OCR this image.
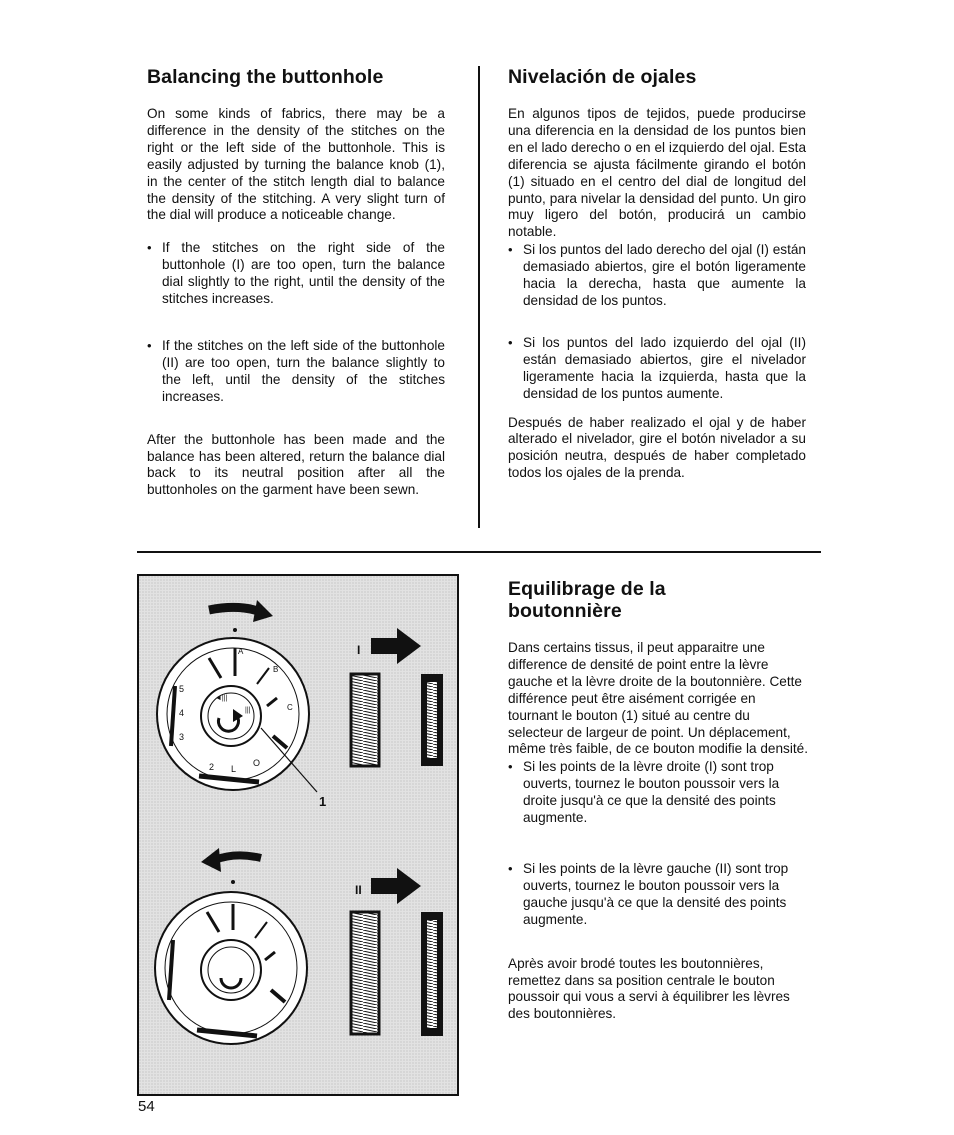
Balancing the buttonhole

On some kinds of fabrics, there may be a difference in the density of the stitches on the right or the left side of the buttonhole. This is easily adjusted by turning the balance knob (1), in the center of the stitch length dial to balance the density of the stitching. A very slight turn of the dial will produce a noticeable change.

• If the stitches on the right side of the buttonhole (I) are too open, turn the balance dial slightly to the right, until the density of the stitches increases.
• If the stitches on the left side of the buttonhole (II) are too open, turn the balance slightly to the left, until the density of the stitches increases.

After the buttonhole has been made and the balance has been altered, return the balance dial back to its neutral position after all the buttonholes on the garment have been sewn.

Nivelación de ojales

En algunos tipos de tejidos, puede producirse una diferencia en la densidad de los puntos bien en el lado derecho o en el izquierdo del ojal. Esta diferencia se ajusta fácilmente girando el botón (1) situado en el centro del dial de longitud del punto, para nivelar la densidad del punto. Un giro muy ligero del botón, producirá un cambio notable.

• Si los puntos del lado derecho del ojal (I) están demasiado abiertos, gire el botón ligeramente hacia la derecha, hasta que aumente la densidad de los puntos.
• Si los puntos del lado izquierdo del ojal (II) están demasiado abiertos, gire el nivelador ligeramente hacia la izquierda, hasta que la densidad de los puntos aumente.

Después de haber realizado el ojal y de haber alterado el nivelador, gire el botón nivelador a su posición neutra, después de haber completado todos los ojales de la prenda.

◄|||
|||
A
B
C
5
4
3
2 L
O
1
I
II
Equilibrage de la
boutonnière

Dans certains tissus, il peut apparaitre une difference de densité de point entre la lèvre gauche et la lèvre droite de la boutonnière. Cette différence peut être aisément corrigée en tournant le bouton (1) situé au centre du selecteur de largeur de point. Un déplacement, même très faible, de ce bouton modifie la densité.

• Si les points de la lèvre droite (I) sont trop ouverts, tournez le bouton poussoir vers la droite jusqu'à ce que la densité des points augmente.
• Si les points de la lèvre gauche (II) sont trop ouverts, tournez le bouton poussoir vers la gauche jusqu'à ce que la densité des points augmente.

Après avoir brodé toutes les boutonnières, remettez dans sa position centrale le bouton poussoir qui vous a servi à équilibrer les lèvres des boutonnières.

54
